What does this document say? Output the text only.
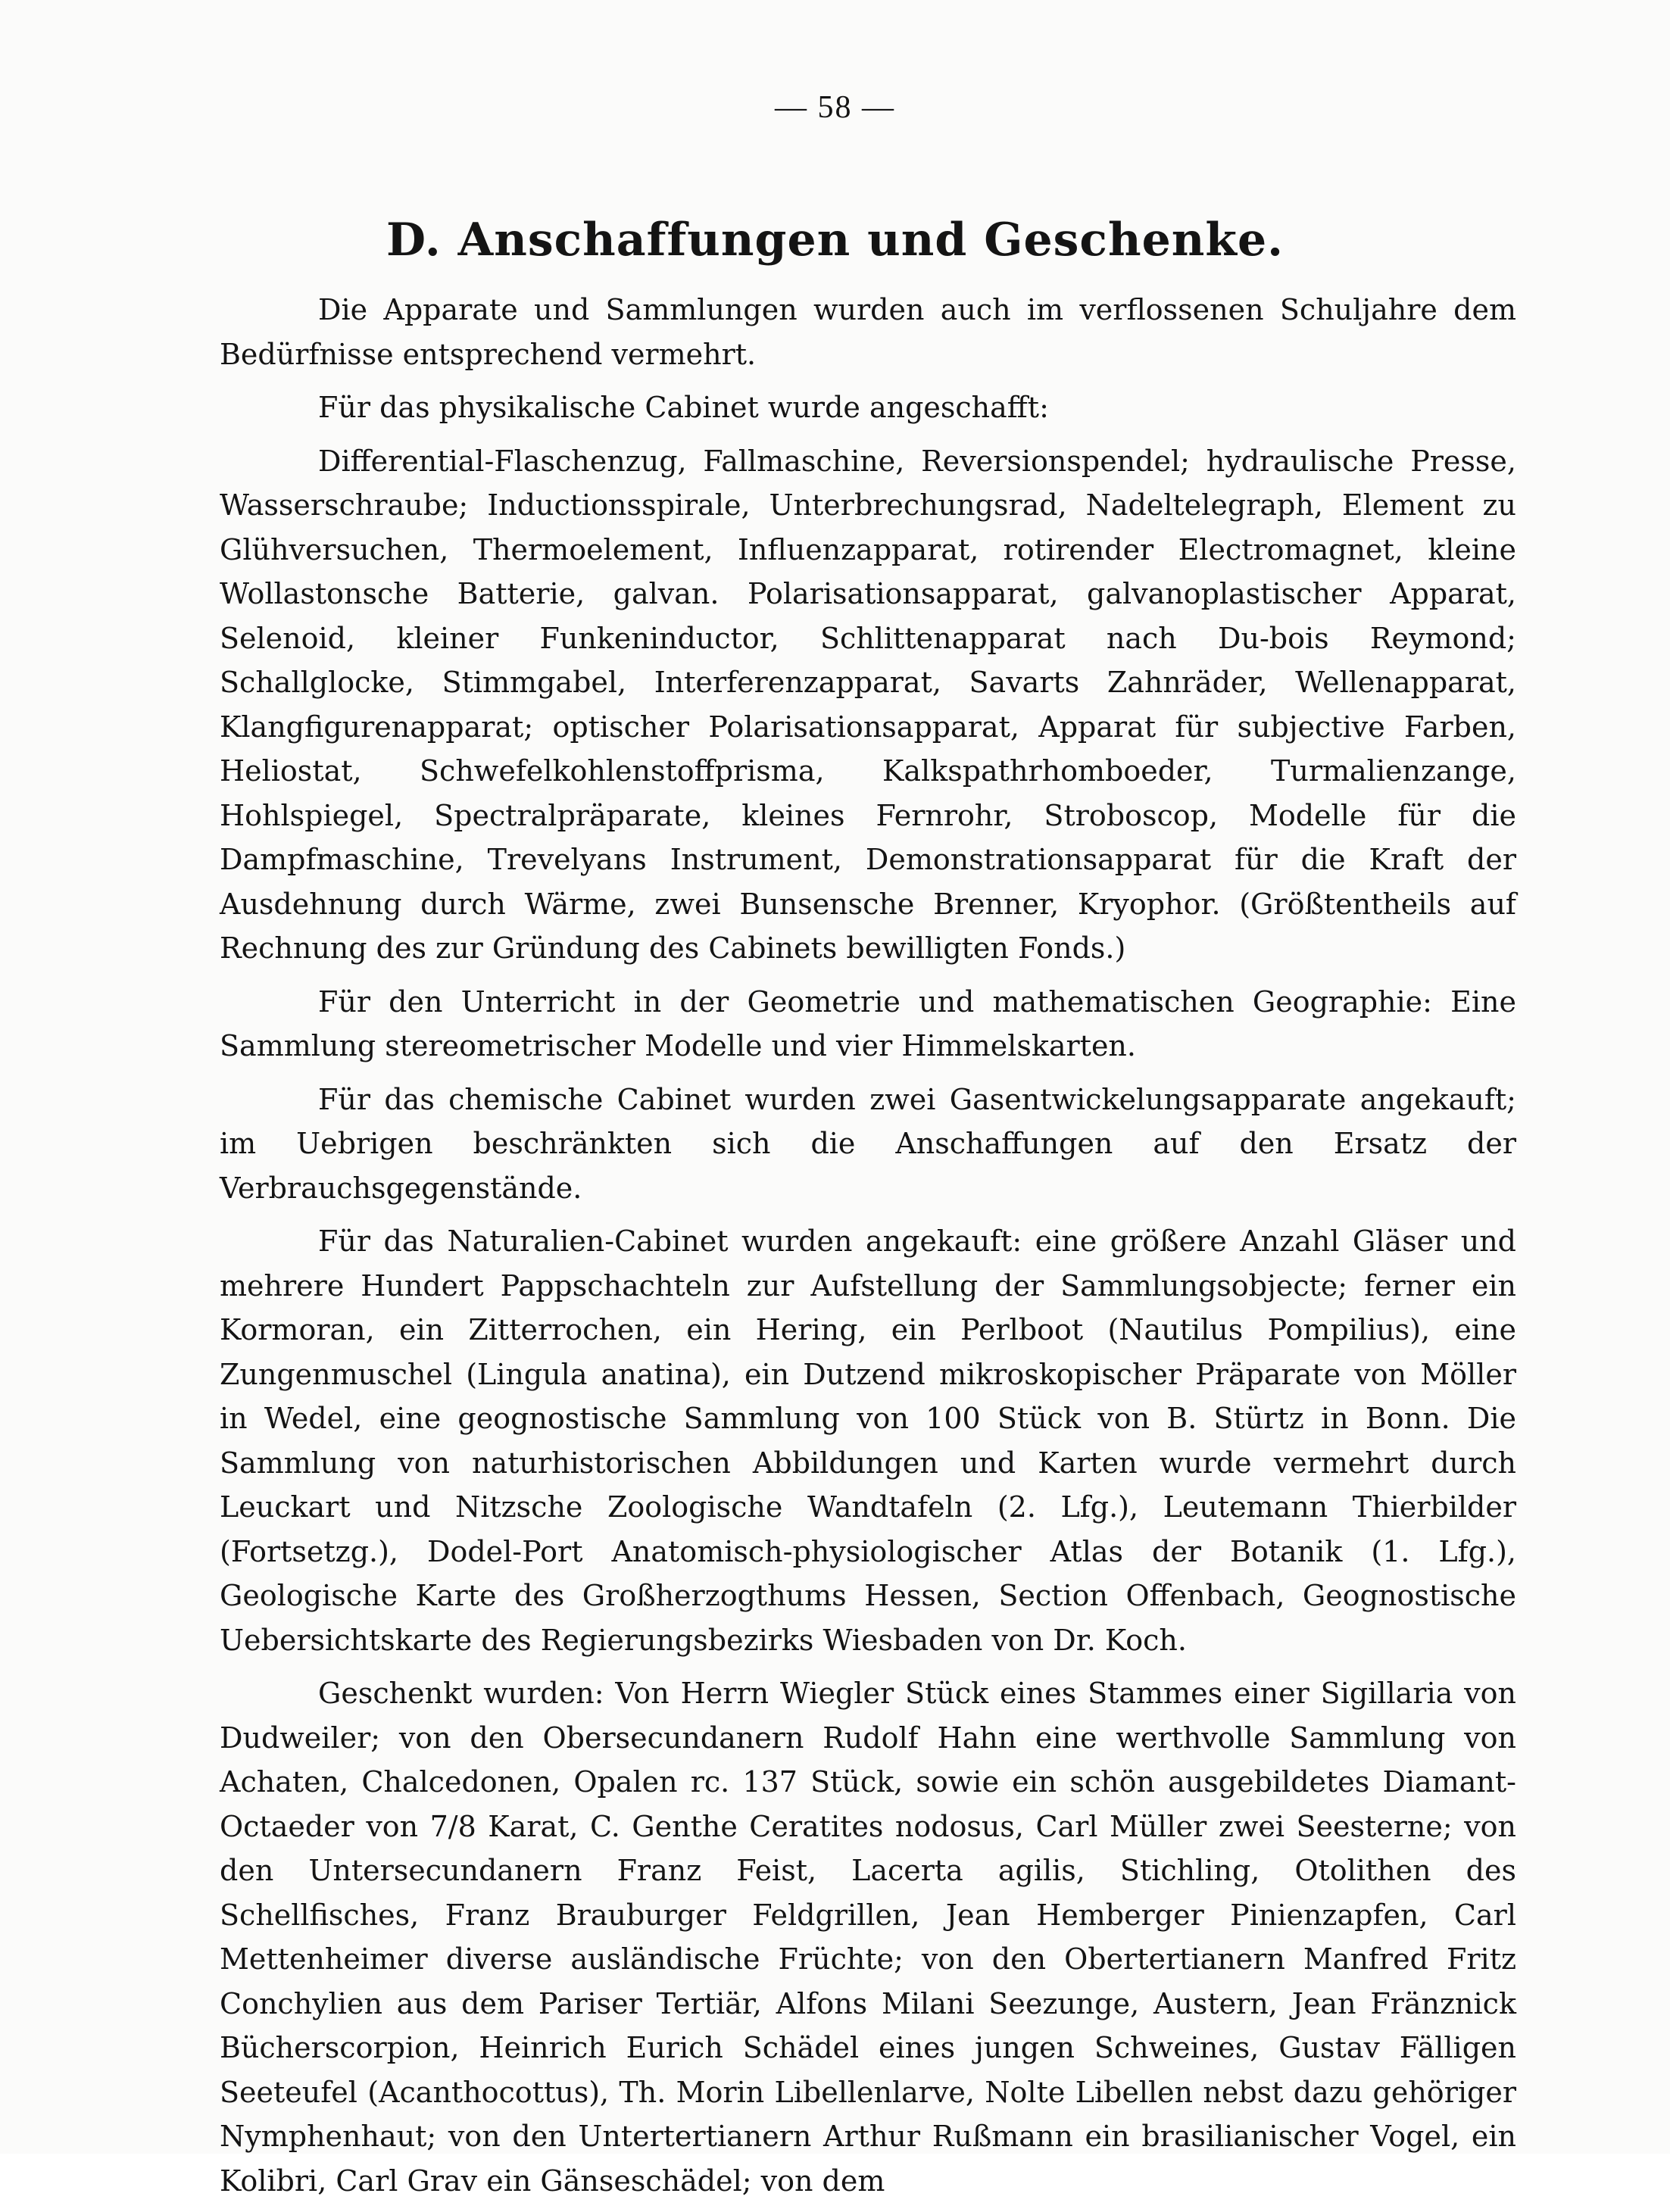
— 58 —
D. Anschaffungen und Geschenke.

Die Apparate und Sammlungen wurden auch im verflossenen Schuljahre dem Bedürfnisse entsprechend vermehrt.

Für das physikalische Cabinet wurde angeschafft:

Differential-Flaschenzug, Fallmaschine, Reversionspendel; hydraulische Presse, Wasserschraube; Inductionsspirale, Unterbrechungsrad, Nadeltelegraph, Element zu Glühversuchen, Thermoelement, Influenzapparat, rotirender Electromagnet, kleine Wollastonsche Batterie, galvan. Polarisationsapparat, galvanoplastischer Apparat, Selenoid, kleiner Funkeninductor, Schlittenapparat nach Du-bois Reymond; Schallglocke, Stimmgabel, Interferenzapparat, Savarts Zahnräder, Wellenapparat, Klangfigurenapparat; optischer Polarisationsapparat, Apparat für subjective Farben, Heliostat, Schwefelkohlenstoffprisma, Kalkspathrhomboeder, Turmalienzange, Hohlspiegel, Spectralpräparate, kleines Fernrohr, Stroboscop, Modelle für die Dampfmaschine, Trevelyans Instrument, Demonstrationsapparat für die Kraft der Ausdehnung durch Wärme, zwei Bunsensche Brenner, Kryophor. (Größtentheils auf Rechnung des zur Gründung des Cabinets bewilligten Fonds.)

Für den Unterricht in der Geometrie und mathematischen Geographie: Eine Sammlung stereometrischer Modelle und vier Himmelskarten.

Für das chemische Cabinet wurden zwei Gasentwickelungsapparate angekauft; im Uebrigen beschränkten sich die Anschaffungen auf den Ersatz der Verbrauchsgegenstände.

Für das Naturalien-Cabinet wurden angekauft: eine größere Anzahl Gläser und mehrere Hundert Pappschachteln zur Aufstellung der Sammlungsobjecte; ferner ein Kormoran, ein Zitterrochen, ein Hering, ein Perlboot (Nautilus Pompilius), eine Zungenmuschel (Lingula anatina), ein Dutzend mikroskopischer Präparate von Möller in Wedel, eine geognostische Sammlung von 100 Stück von B. Stürtz in Bonn. Die Sammlung von naturhistorischen Abbildungen und Karten wurde vermehrt durch Leuckart und Nitzsche Zoologische Wandtafeln (2. Lfg.), Leutemann Thierbilder (Fortsetzg.), Dodel-Port Anatomisch-physiologischer Atlas der Botanik (1. Lfg.), Geologische Karte des Großherzogthums Hessen, Section Offenbach, Geognostische Uebersichtskarte des Regierungsbezirks Wiesbaden von Dr. Koch.

Geschenkt wurden: Von Herrn Wiegler Stück eines Stammes einer Sigillaria von Dudweiler; von den Obersecundanern Rudolf Hahn eine werthvolle Sammlung von Achaten, Chalcedonen, Opalen rc. 137 Stück, sowie ein schön ausgebildetes Diamant-Octaeder von 7/8 Karat, C. Genthe Ceratites nodosus, Carl Müller zwei Seesterne; von den Untersecundanern Franz Feist, Lacerta agilis, Stichling, Otolithen des Schellfisches, Franz Brauburger Feldgrillen, Jean Hemberger Pinienzapfen, Carl Mettenheimer diverse ausländische Früchte; von den Obertertianern Manfred Fritz Conchylien aus dem Pariser Tertiär, Alfons Milani Seezunge, Austern, Jean Fränznick Bücherscorpion, Heinrich Eurich Schädel eines jungen Schweines, Gustav Fälligen Seeteufel (Acanthocottus), Th. Morin Libellenlarve, Nolte Libellen nebst dazu gehöriger Nymphenhaut; von den Untertertianern Arthur Rußmann ein brasilianischer Vogel, ein Kolibri, Carl Grav ein Gänseschädel; von dem
